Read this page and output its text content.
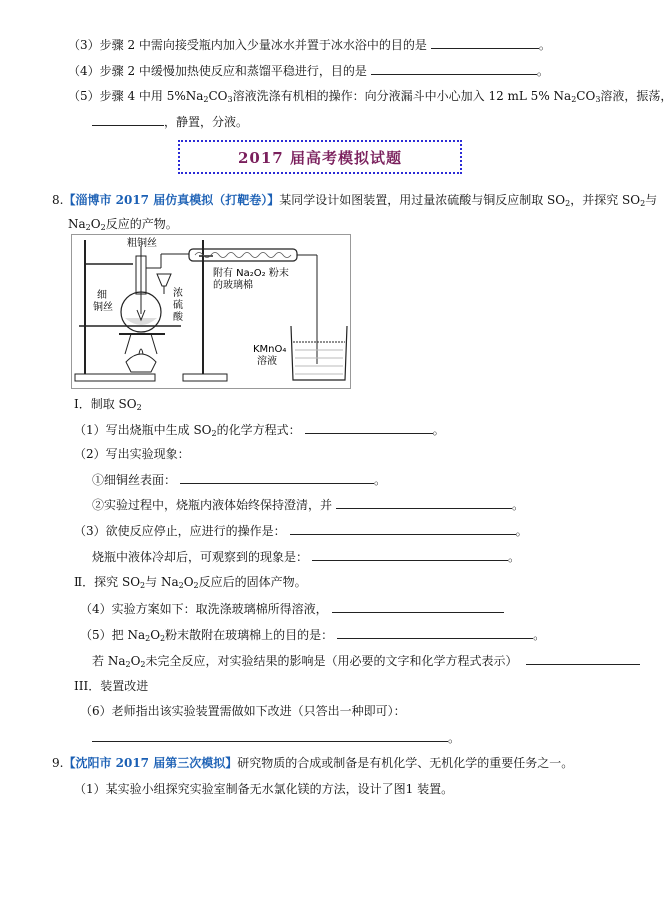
（3）步骤 2 中需向接受瓶内加入少量冰水并置于冰水浴中的目的是	。
（4）步骤 2 中缓慢加热使反应和蒸馏平稳进行，目的是	。
（5）步骤 4 中用 $5\%Na_2CO_3$溶液洗涤有机相的操作：向分液漏斗中小心加入 12 mL 5% $Na_2CO_3$溶液，振荡，
，静置，分液。
2017 届高考模拟试题
8.【淄博市 2017 届仿真模拟（打靶卷）】某同学设计如图装置，用过量浓硫酸与铜反应制取 $SO_2$，并探究 $SO_2$与
$Na_2O_2$反应的产物。
粗铜丝
附有 Na₂O₂ 粉末
的玻璃棉
浓
硫
酸
细
铜丝
KMnO₄
溶液
Ⅰ．制取 $SO_2$
（1）写出烧瓶中生成 $SO_2$的化学方程式：	。
（2）写出实验现象：
①细铜丝表面：	。
②实验过程中，烧瓶内液体始终保持澄清，并	。
（3）欲使反应停止，应进行的操作是：	。
烧瓶中液体冷却后，可观察到的现象是：	。
Ⅱ．探究 $SO_2$与 $Na_2O_2$反应后的固体产物。
（4）实验方案如下：取洗涤玻璃棉所得溶液，
（5）把 $Na_2O_2$粉末散附在玻璃棉上的目的是：	。
若 $Na_2O_2$未完全反应，对实验结果的影响是（用必要的文字和化学方程式表示）
III．装置改进
（6）老师指出该实验装置需做如下改进（只答出一种即可）：
。
9.【沈阳市 2017 届第三次模拟】研究物质的合成或制备是有机化学、无机化学的重要任务之一。
（1）某实验小组探究实验室制备无水氯化镁的方法，设计了图1 装置。
